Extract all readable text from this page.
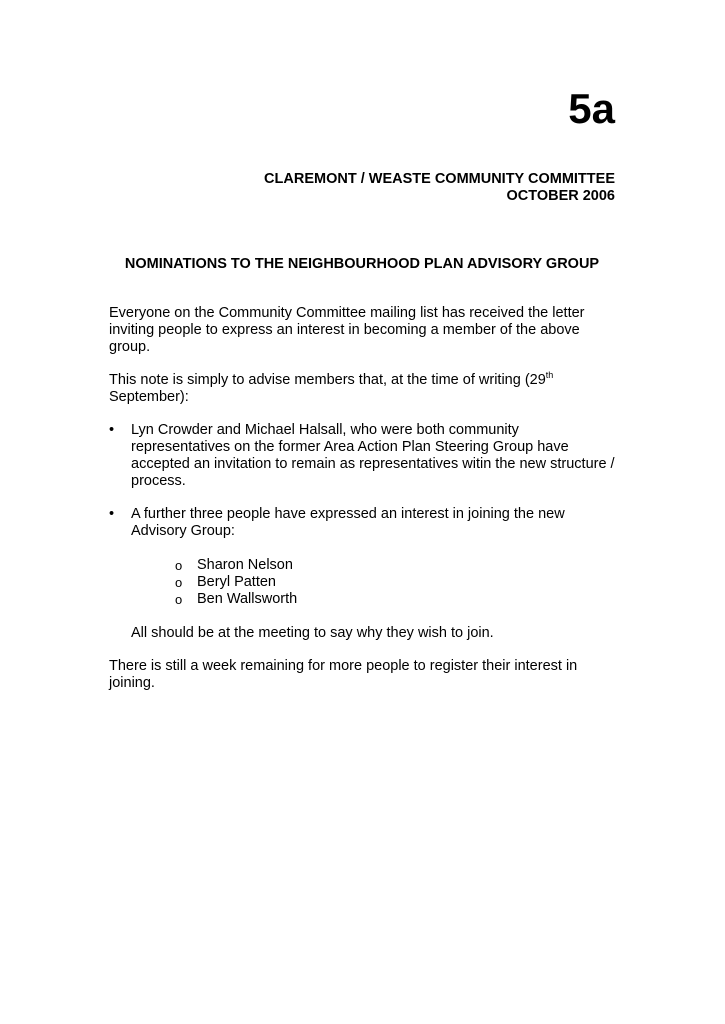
5a
CLAREMONT / WEASTE COMMUNITY COMMITTEE
OCTOBER 2006
NOMINATIONS TO THE NEIGHBOURHOOD PLAN ADVISORY GROUP

Everyone on the Community Committee mailing list has received the letter inviting people to express an interest in becoming a member of the above group.

This note is simply to advise members that, at the time of writing (29th September):

•	Lyn Crowder and Michael Halsall, who were both community representatives on the former Area Action Plan Steering Group have accepted an invitation to remain as representatives witin the new structure / process.
•	A further three people have expressed an interest in joining the new Advisory Group:
o Sharon Nelson
o Beryl Patten
o Ben Wallsworth

All should be at the meeting to say why they wish to join.

There is still a week remaining for more people to register their interest in joining.
